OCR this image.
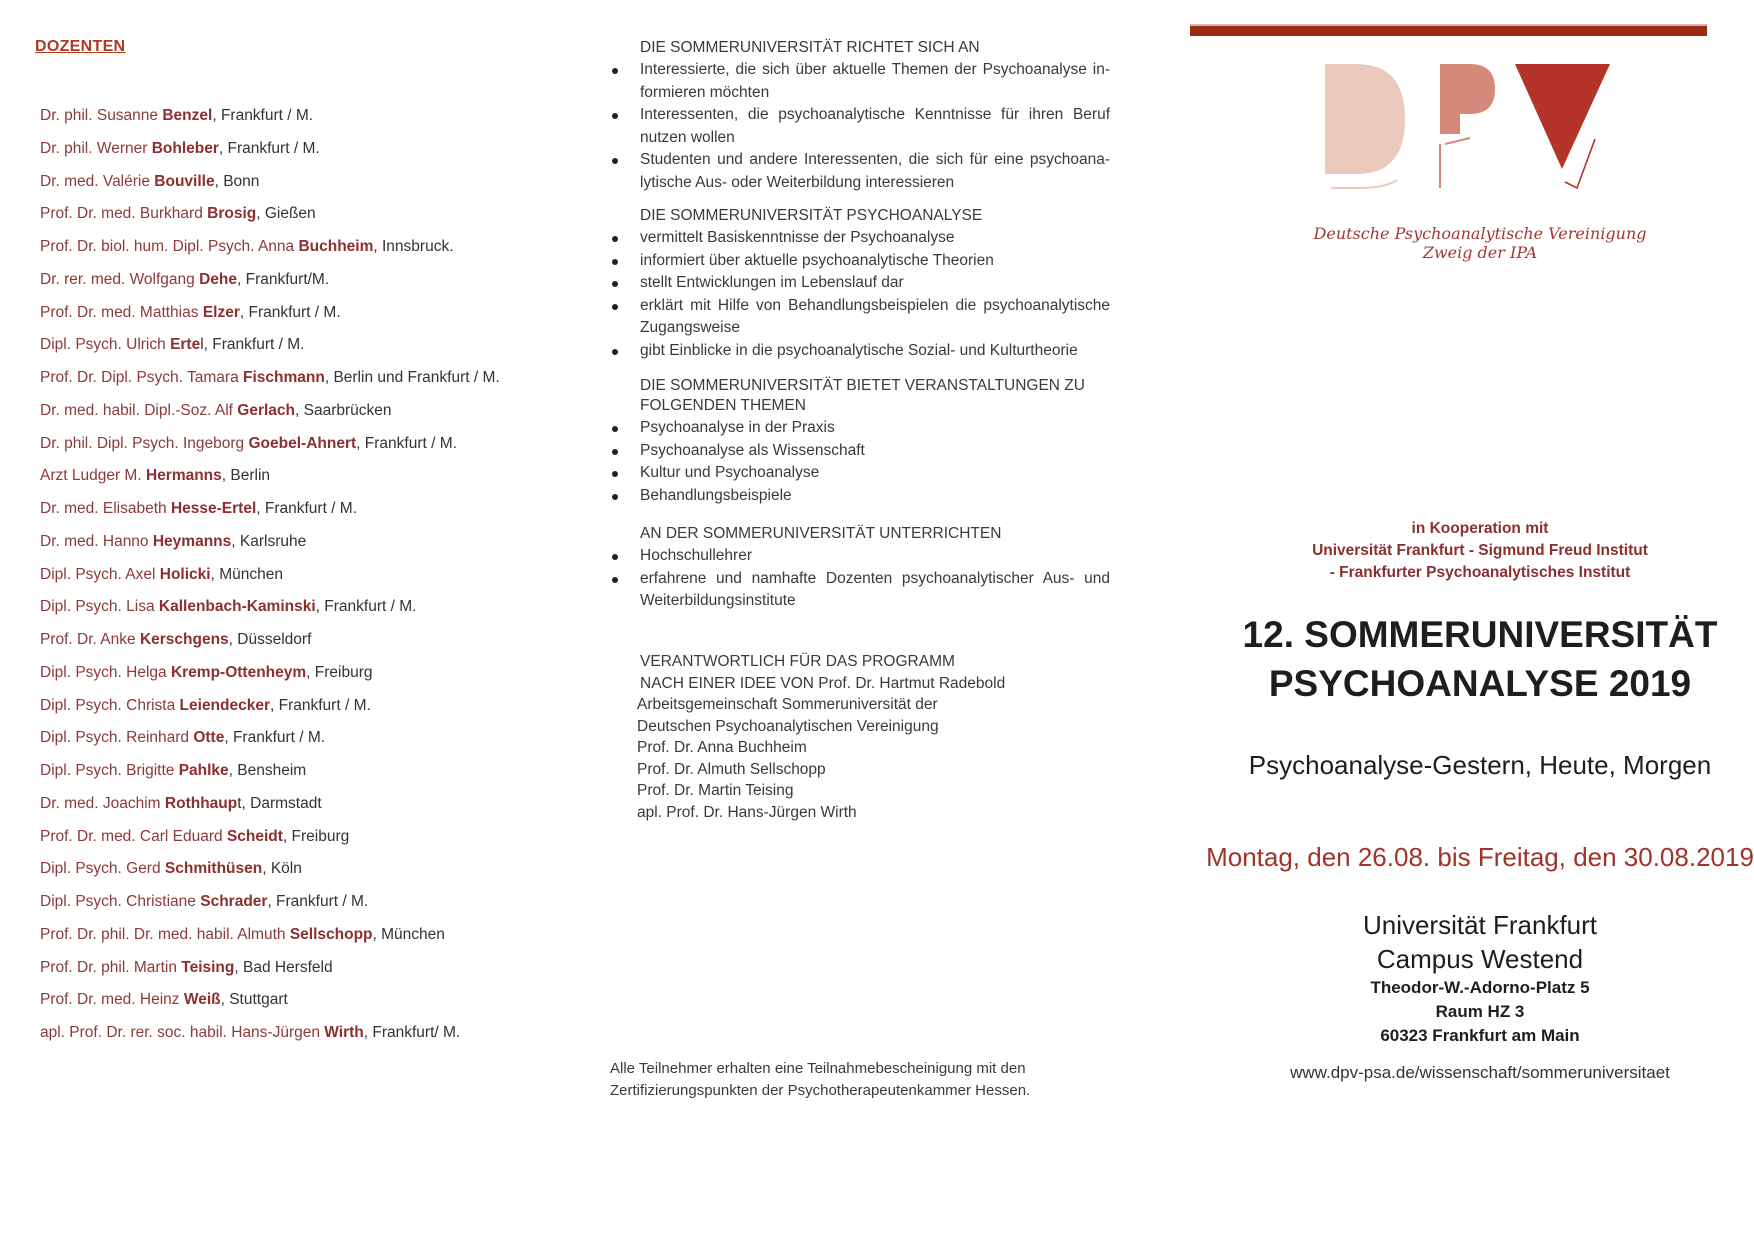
DOZENTEN
Dr. phil. Susanne Benzel, Frankfurt / M.
Dr. phil. Werner Bohleber, Frankfurt / M.
Dr. med. Valérie Bouville, Bonn
Prof. Dr. med. Burkhard Brosig, Gießen
Prof. Dr. biol. hum. Dipl. Psych. Anna Buchheim, Innsbruck.
Dr. rer. med. Wolfgang Dehe, Frankfurt/M.
Prof. Dr. med. Matthias Elzer, Frankfurt / M.
Dipl. Psych. Ulrich Ertel, Frankfurt / M.
Prof. Dr. Dipl. Psych. Tamara Fischmann, Berlin und Frankfurt / M.
Dr. med. habil. Dipl.-Soz. Alf Gerlach, Saarbrücken
Dr. phil. Dipl. Psych. Ingeborg Goebel-Ahnert, Frankfurt / M.
Arzt Ludger M. Hermanns, Berlin
Dr. med. Elisabeth Hesse-Ertel, Frankfurt / M.
Dr. med. Hanno Heymanns, Karlsruhe
Dipl. Psych. Axel Holicki, München
Dipl. Psych. Lisa Kallenbach-Kaminski, Frankfurt / M.
Prof. Dr. Anke Kerschgens, Düsseldorf
Dipl. Psych. Helga Kremp-Ottenheym, Freiburg
Dipl. Psych. Christa Leiendecker, Frankfurt / M.
Dipl. Psych. Reinhard Otte, Frankfurt / M.
Dipl. Psych. Brigitte Pahlke, Bensheim
Dr. med. Joachim Rothhaupt, Darmstadt
Prof. Dr. med. Carl Eduard Scheidt, Freiburg
Dipl. Psych. Gerd Schmithüsen, Köln
Dipl. Psych. Christiane Schrader, Frankfurt / M.
Prof. Dr. phil. Dr. med. habil. Almuth Sellschopp, München
Prof. Dr. phil. Martin Teising, Bad Hersfeld
Prof. Dr. med. Heinz Weiß, Stuttgart
apl. Prof. Dr. rer. soc. habil. Hans-Jürgen Wirth, Frankfurt/ M.
DIE SOMMERUNIVERSITÄT RICHTET SICH AN
Interessierte, die sich über aktuelle Themen der Psychoanalyse in-formieren möchten
Interessenten, die psychoanalytische Kenntnisse für ihren Beruf nutzen wollen
Studenten und andere Interessenten, die sich für eine psychoana-lytische Aus- oder Weiterbildung interessieren
DIE SOMMERUNIVERSITÄT PSYCHOANALYSE
vermittelt Basiskenntnisse der Psychoanalyse
informiert über aktuelle psychoanalytische Theorien
stellt Entwicklungen im Lebenslauf dar
erklärt mit Hilfe von Behandlungsbeispielen die psychoanalytische Zugangsweise
gibt Einblicke in die psychoanalytische Sozial- und Kulturtheorie
DIE SOMMERUNIVERSITÄT BIETET VERANSTALTUNGEN ZU FOLGENDEN THEMEN
Psychoanalyse in der Praxis
Psychoanalyse als Wissenschaft
Kultur und Psychoanalyse
Behandlungsbeispiele
AN DER SOMMERUNIVERSITÄT UNTERRICHTEN
Hochschullehrer
erfahrene und namhafte Dozenten psychoanalytischer Aus- und Weiterbildungsinstitute
VERANTWORTLICH FÜR DAS PROGRAMM
NACH EINER IDEE VON Prof. Dr. Hartmut Radebold
Arbeitsgemeinschaft Sommeruniversität der
Deutschen Psychoanalytischen Vereinigung
Prof. Dr. Anna Buchheim
Prof. Dr. Almuth Sellschopp
Prof. Dr. Martin Teising
apl. Prof. Dr. Hans-Jürgen Wirth
Alle Teilnehmer erhalten eine Teilnahmebescheinigung mit den Zertifizierungspunkten der Psychotherapeutenkammer Hessen.
Deutsche Psychoanalytische Vereinigung
Zweig der IPA
in Kooperation mit
Universität Frankfurt - Sigmund Freud Institut
- Frankfurter Psychoanalytisches Institut
12. SOMMERUNIVERSITÄT
PSYCHOANALYSE 2019
Psychoanalyse-Gestern, Heute, Morgen
Montag, den 26.08. bis Freitag, den 30.08.2019
Universität Frankfurt
Campus Westend
Theodor-W.-Adorno-Platz 5
Raum HZ 3
60323 Frankfurt am Main
www.dpv-psa.de/wissenschaft/sommeruniversitaet
